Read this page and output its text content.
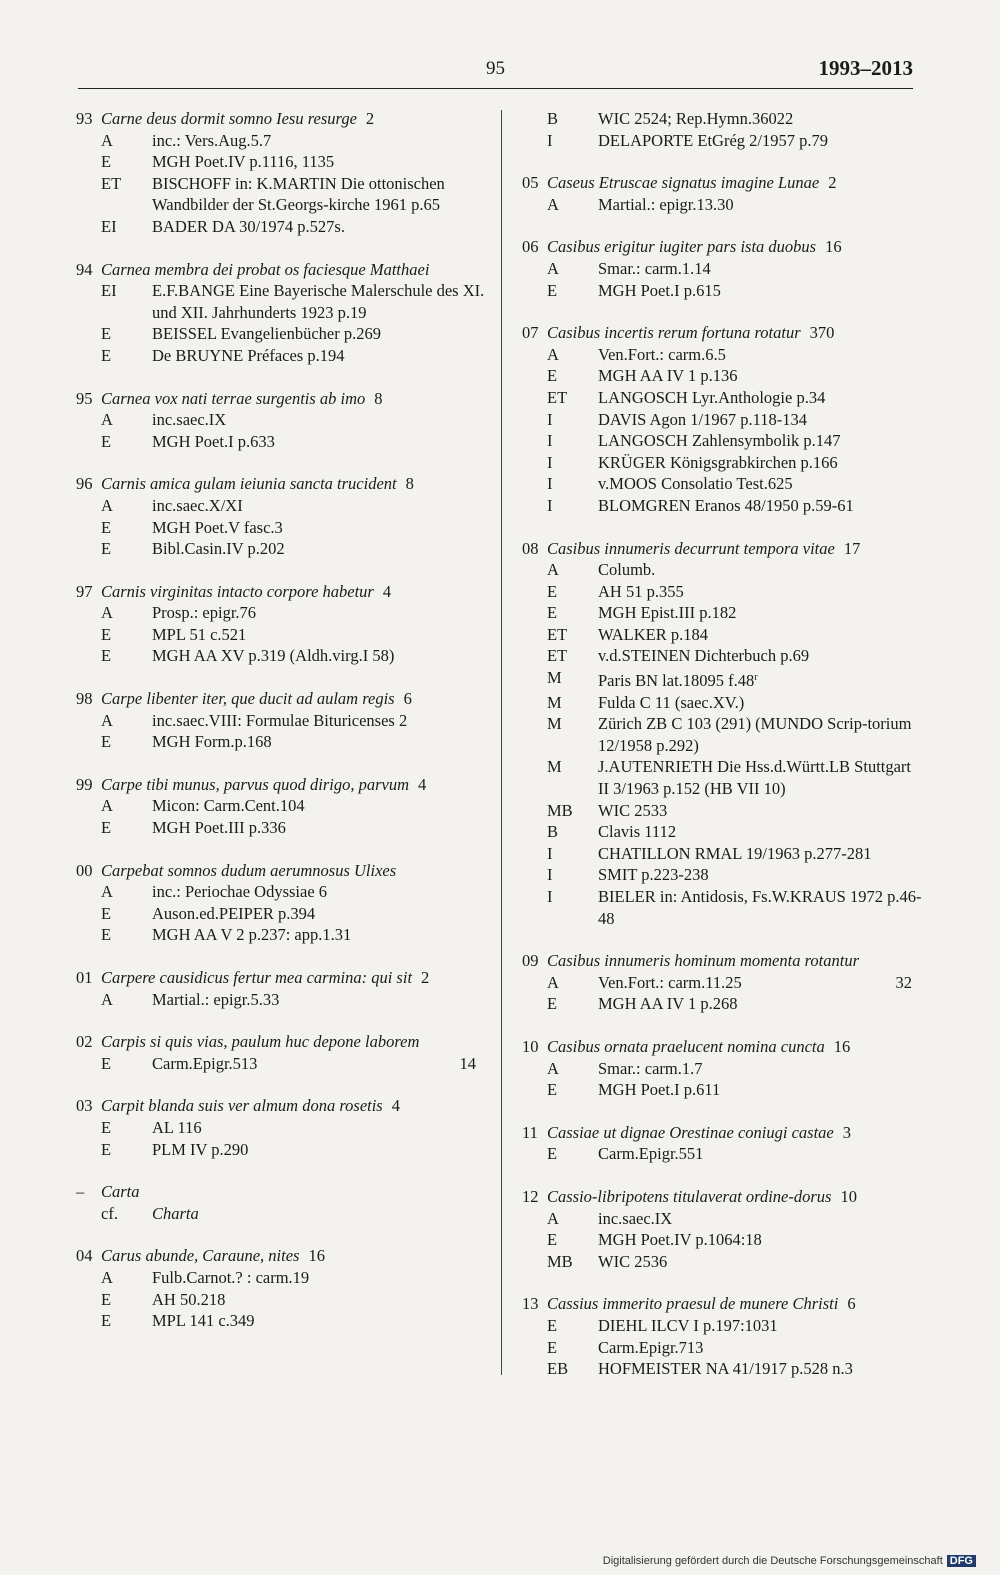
95	1993–2013
93 Carne deus dormit somno Iesu resurge 2
A	inc.: Vers.Aug.5.7
E	MGH Poet.IV p.1116, 1135
ET	BISCHOFF in: K.MARTIN Die ottonischen Wandbilder der St.Georgs-kirche 1961 p.65
EI	BADER DA 30/1974 p.527s.
94 Carnea membra dei probat os faciesque Matthaei
EI	E.F.BANGE Eine Bayerische Malerschule des XI. und XII. Jahrhunderts 1923 p.19
E	BEISSEL Evangelienbücher p.269
E	De BRUYNE Préfaces p.194
95 Carnea vox nati terrae surgentis ab imo 8
A	inc.saec.IX
E	MGH Poet.I p.633
96 Carnis amica gulam ieiunia sancta trucident 8
A	inc.saec.X/XI
E	MGH Poet.V fasc.3
E	Bibl.Casin.IV p.202
97 Carnis virginitas intacto corpore habetur 4
A	Prosp.: epigr.76
E	MPL 51 c.521
E	MGH AA XV p.319 (Aldh.virg.I 58)
98 Carpe libenter iter, que ducit ad aulam regis 6
A	inc.saec.VIII: Formulae Bituricenses 2
E	MGH Form.p.168
99 Carpe tibi munus, parvus quod dirigo, parvum 4
A	Micon: Carm.Cent.104
E	MGH Poet.III p.336
00 Carpebat somnos dudum aerumnosus Ulixes
A	inc.: Periochae Odyssiae 6
E	Auson.ed.PEIPER p.394
E	MGH AA V 2 p.237: app.1.31
01 Carpere causidicus fertur mea carmina: qui sit 2
A	Martial.: epigr.5.33
02 Carpis si quis vias, paulum huc depone laborem
E	Carm.Epigr.513	14
03 Carpit blanda suis ver almum dona rosetis 4
E	AL 116
E	PLM IV p.290
–	Carta
cf.	Charta
04 Carus abunde, Caraune, nites 16
A	Fulb.Carnot.? : carm.19
E	AH 50.218
E	MPL 141 c.349
B	WIC 2524; Rep.Hymn.36022
I	DELAPORTE EtGrég 2/1957 p.79
05 Caseus Etruscae signatus imagine Lunae 2
A	Martial.: epigr.13.30
06 Casibus erigitur iugiter pars ista duobus 16
A	Smar.: carm.1.14
E	MGH Poet.I p.615
07 Casibus incertis rerum fortuna rotatur 370
A	Ven.Fort.: carm.6.5
E	MGH AA IV 1 p.136
ET	LANGOSCH Lyr.Anthologie p.34
I	DAVIS Agon 1/1967 p.118-134
I	LANGOSCH Zahlensymbolik p.147
I	KRÜGER Königsgrabkirchen p.166
I	v.MOOS Consolatio Test.625
I	BLOMGREN Eranos 48/1950 p.59-61
08 Casibus innumeris decurrunt tempora vitae 17
A	Columb.
E	AH 51 p.355
E	MGH Epist.III p.182
ET	WALKER p.184
ET	v.d.STEINEN Dichterbuch p.69
M	Paris BN lat.18095 f.48$^r$
M	Fulda C 11 (saec.XV.)
M	Zürich ZB C 103 (291) (MUNDO Scrip-torium 12/1958 p.292)
M	J.AUTENRIETH Die Hss.d.Württ.LB Stuttgart II 3/1963 p.152 (HB VII 10)
MB	WIC 2533
B	Clavis 1112
I	CHATILLON RMAL 19/1963 p.277-281
I	SMIT p.223-238
I	BIELER in: Antidosis, Fs.W.KRAUS 1972 p.46-48
09 Casibus innumeris hominum momenta rotantur
A	Ven.Fort.: carm.11.25	32
E	MGH AA IV 1 p.268
10 Casibus ornata praelucent nomina cuncta 16
A	Smar.: carm.1.7
E	MGH Poet.I p.611
11 Cassiae ut dignae Orestinae coniugi castae 3
E	Carm.Epigr.551
12 Cassio-libripotens titulaverat ordine-dorus 10
A	inc.saec.IX
E	MGH Poet.IV p.1064:18
MB	WIC 2536
13 Cassius immerito praesul de munere Christi 6
E	DIEHL ILCV I p.197:1031
E	Carm.Epigr.713
EB	HOFMEISTER NA 41/1917 p.528 n.3
Digitalisierung gefördert durch die Deutsche Forschungsgemeinschaft DFG
